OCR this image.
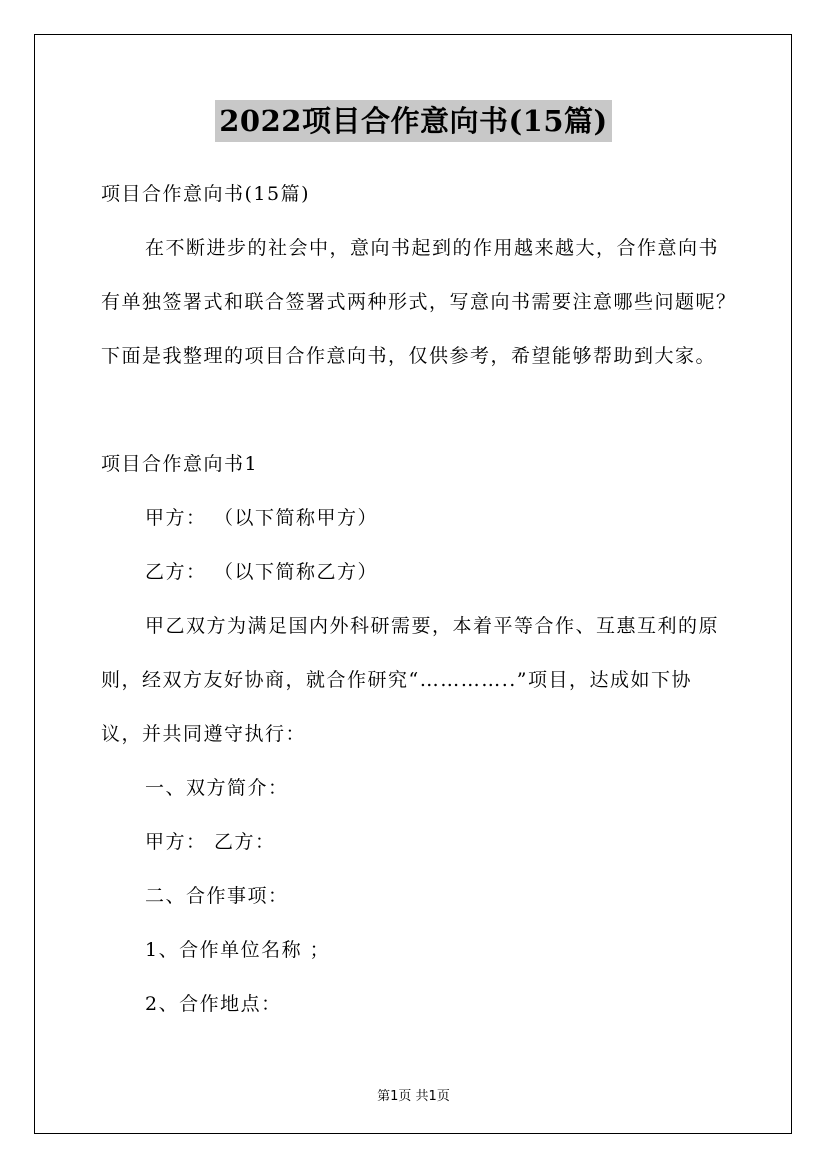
2022项目合作意向书(15篇)
项目合作意向书(15篇)
在不断进步的社会中，意向书起到的作用越来越大，合作意向书
有单独签署式和联合签署式两种形式，写意向书需要注意哪些问题呢？
下面是我整理的项目合作意向书，仅供参考，希望能够帮助到大家。
项目合作意向书1
甲方： （以下简称甲方）
乙方： （以下简称乙方）
甲乙双方为满足国内外科研需要，本着平等合作、互惠互利的原
则，经双方友好协商，就合作研究“…………..”项目，达成如下协
议，并共同遵守执行：
一、双方简介：
甲方： 乙方：
二、合作事项：
1、合作单位名称 ；
2、合作地点：
第1页 共1页
